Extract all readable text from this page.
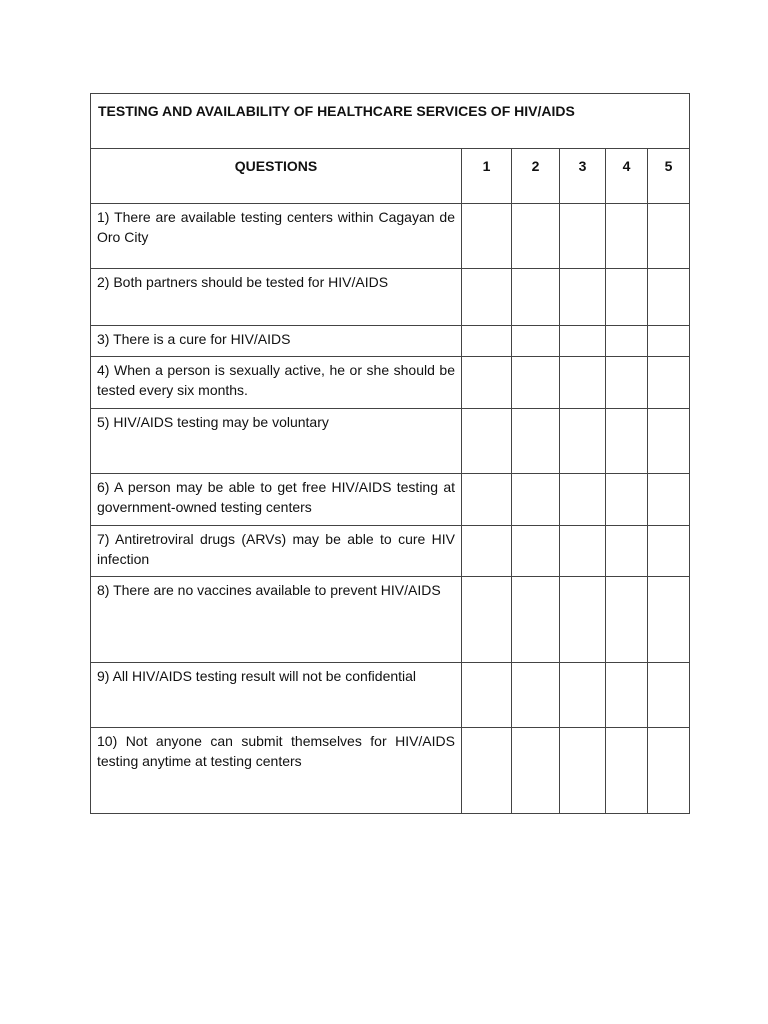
TESTING AND AVAILABILITY OF HEALTHCARE SERVICES OF HIV/AIDS					
QUESTIONS	1	2	3	4	5
1) There are available testing centers within Cagayan de Oro City					
2) Both partners should be tested for HIV/AIDS					
3) There is a cure for HIV/AIDS					
4) When a person is sexually active, he or she should be tested every six months.					
5) HIV/AIDS testing may be voluntary					
6) A person may be able to get free HIV/AIDS testing at government-owned testing centers					
7) Antiretroviral drugs (ARVs) may be able to cure HIV infection					
8) There are no vaccines available to prevent HIV/AIDS					
9) All HIV/AIDS testing result will not be confidential					
10) Not anyone can submit themselves for HIV/AIDS testing anytime at testing centers					
